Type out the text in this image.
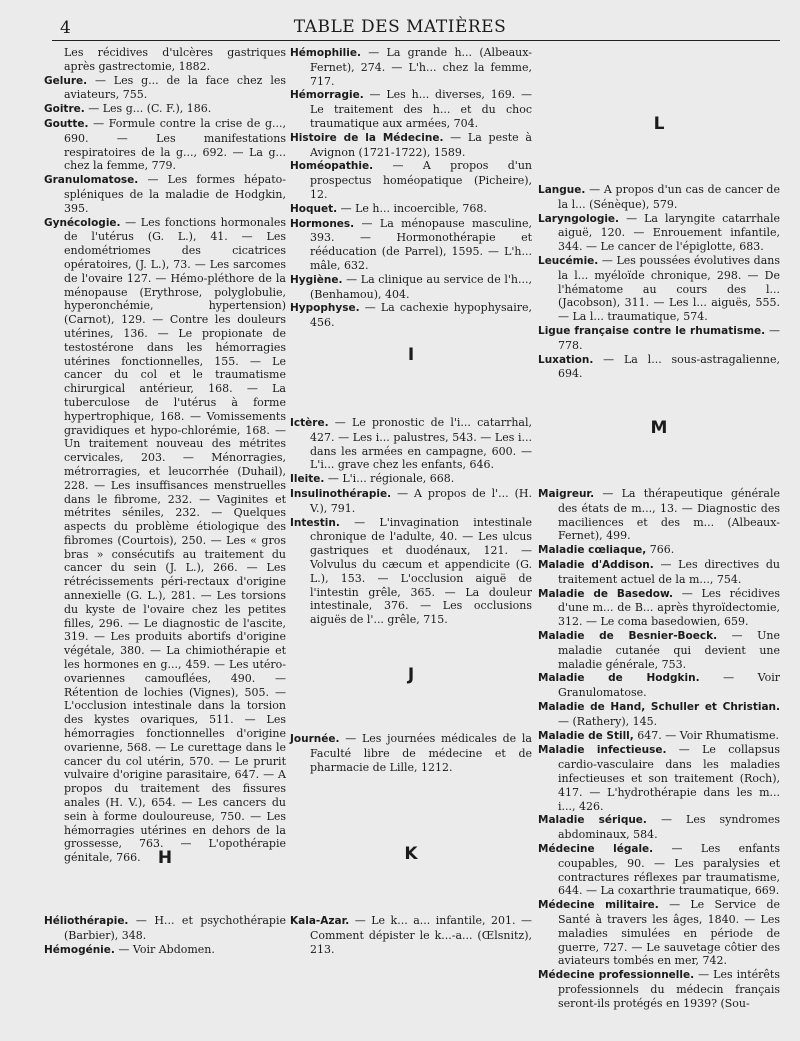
4	TABLE DES MATIÈRES
Les récidives d'ulcères gastriques après gastrectomie, 1882.
Gelure. — Les g... de la face chez les aviateurs, 755.
Goitre. — Les g... (C. F.), 186.
Goutte. — Formule contre la crise de g..., 690. — Les manifestations respiratoires de la g..., 692. — La g... chez la femme, 779.
Granulomatose. — Les formes hépato-spléniques de la maladie de Hodgkin, 395.
Gynécologie. — Les fonctions hormonales de l'utérus (G. L.), 41. — Les endométriomes des cicatrices opératoires, (J. L.), 73. — Les sarcomes de l'ovaire 127. — Hémo-pléthore de la ménopause (Erythrose, polyglobulie, hyperonchémie, hypertension) (Carnot), 129. — Contre les douleurs utérines, 136. — Le propionate de testostérone dans les hémorragies utérines fonctionnelles, 155. — Le cancer du col et le traumatisme chirurgical antérieur, 168. — La tuberculose de l'utérus à forme hypertrophique, 168. — Vomissements gravidiques et hypo-chlorémie, 168. — Un traitement nouveau des métrites cervicales, 203. — Ménorragies, métrorragies, et leucorrhée (Duhail), 228. — Les insuffisances menstruelles dans le fibrome, 232. — Vaginites et métrites séniles, 232. — Quelques aspects du problème étiologique des fibromes (Courtois), 250. — Les « gros bras » consécutifs au traitement du cancer du sein (J. L.), 266. — Les rétrécissements péri-rectaux d'origine annexielle (G. L.), 281. — Les torsions du kyste de l'ovaire chez les petites filles, 296. — Le diagnostic de l'ascite, 319. — Les produits abortifs d'origine végétale, 380. — La chimiothérapie et les hormones en g..., 459. — Les utéro-ovariennes camouflées, 490. — Rétention de lochies (Vignes), 505. — L'occlusion intestinale dans la torsion des kystes ovariques, 511. — Les hémorragies fonctionnelles d'origine ovarienne, 568. — Le curettage dans le cancer du col utérin, 570. — Le prurit vulvaire d'origine parasitaire, 647. — A propos du traitement des fissures anales (H. V.), 654. — Les cancers du sein à forme douloureuse, 750. — Les hémorragies utérines en dehors de la grossesse, 763. — L'opothérapie génitale, 766.	H
Héliothérapie. — H... et psychothérapie (Barbier), 348.
Hémogénie. — Voir Abdomen.
Hémophilie. — La grande h... (Albeaux-Fernet), 274. — L'h... chez la femme, 717.
Hémorragie. — Les h... diverses, 169. — Le traitement des h... et du choc traumatique aux armées, 704.
Histoire de la Médecine. — La peste à Avignon (1721-1722), 1589.
Homéopathie. — A propos d'un prospectus homéopatique (Picheire), 12.
Hoquet. — Le h... incoercible, 768.
Hormones. — La ménopause masculine, 393. — Hormonothérapie et rééducation (de Parrel), 1595. — L'h... mâle, 632.
Hygiène. — La clinique au service de l'h..., (Benhamou), 404.
Hypophyse. — La cachexie hypophysaire, 456.
I
Ictère. — Le pronostic de l'i... catarrhal, 427. — Les i... palustres, 543. — Les i... dans les armées en campagne, 600. — L'i... grave chez les enfants, 646.
Ileite. — L'i... régionale, 668.
Insulinothérapie. — A propos de l'... (H. V.), 791.
Intestin. — L'invagination intestinale chronique de l'adulte, 40. — Les ulcus gastriques et duodénaux, 121. — Volvulus du cæcum et appendicite (G. L.), 153. — L'occlusion aiguë de l'intestin grêle, 365. — La douleur intestinale, 376. — Les occlusions aiguës de l'... grêle, 715.
J
Journée. — Les journées médicales de la Faculté libre de médecine et de pharmacie de Lille, 1212.
K
Kala-Azar. — Le k... a... infantile, 201. — Comment dépister le k...-a... (Œlsnitz), 213.
L
Langue. — A propos d'un cas de cancer de la l... (Sénèque), 579.
Laryngologie. — La laryngite catarrhale aiguë, 120. — Enrouement infantile, 344. — Le cancer de l'épiglotte, 683.
Leucémie. — Les poussées évolutives dans la l... myéloïde chronique, 298. — De l'hématome au cours des l... (Jacobson), 311. — Les l... aiguës, 555. — La l... traumatique, 574.
Ligue française contre le rhumatisme. — 778.
Luxation. — La l... sous-astragalienne, 694.
M
Maigreur. — La thérapeutique générale des états de m..., 13. — Diagnostic des maciliences et des m... (Albeaux-Fernet), 499.
Maladie cœliaque, 766.
Maladie d'Addison. — Les directives du traitement actuel de la m..., 754.
Maladie de Basedow. — Les récidives d'une m... de B... après thyroïdectomie, 312. — Le coma basedowien, 659.
Maladie de Besnier-Boeck. — Une maladie cutanée qui devient une maladie générale, 753.
Maladie de Hodgkin. — Voir Granulomatose.
Maladie de Hand, Schuller et Christian. — (Rathery), 145.
Maladie de Still, 647. — Voir Rhumatisme.
Maladie infectieuse. — Le collapsus cardio-vasculaire dans les maladies infectieuses et son traitement (Roch), 417. — L'hydrothérapie dans les m... i..., 426.
Maladie sérique. — Les syndromes abdominaux, 584.
Médecine légale. — Les enfants coupables, 90. — Les paralysies et contractures réflexes par traumatisme, 644. — La coxarthrie traumatique, 669.
Médecine militaire. — Le Service de Santé à travers les âges, 1840. — Les maladies simulées en période de guerre, 727. — Le sauvetage côtier des aviateurs tombés en mer, 742.
Médecine professionnelle. — Les intérêts professionnels du médecin français seront-ils protégés en 1939? (Sou-
